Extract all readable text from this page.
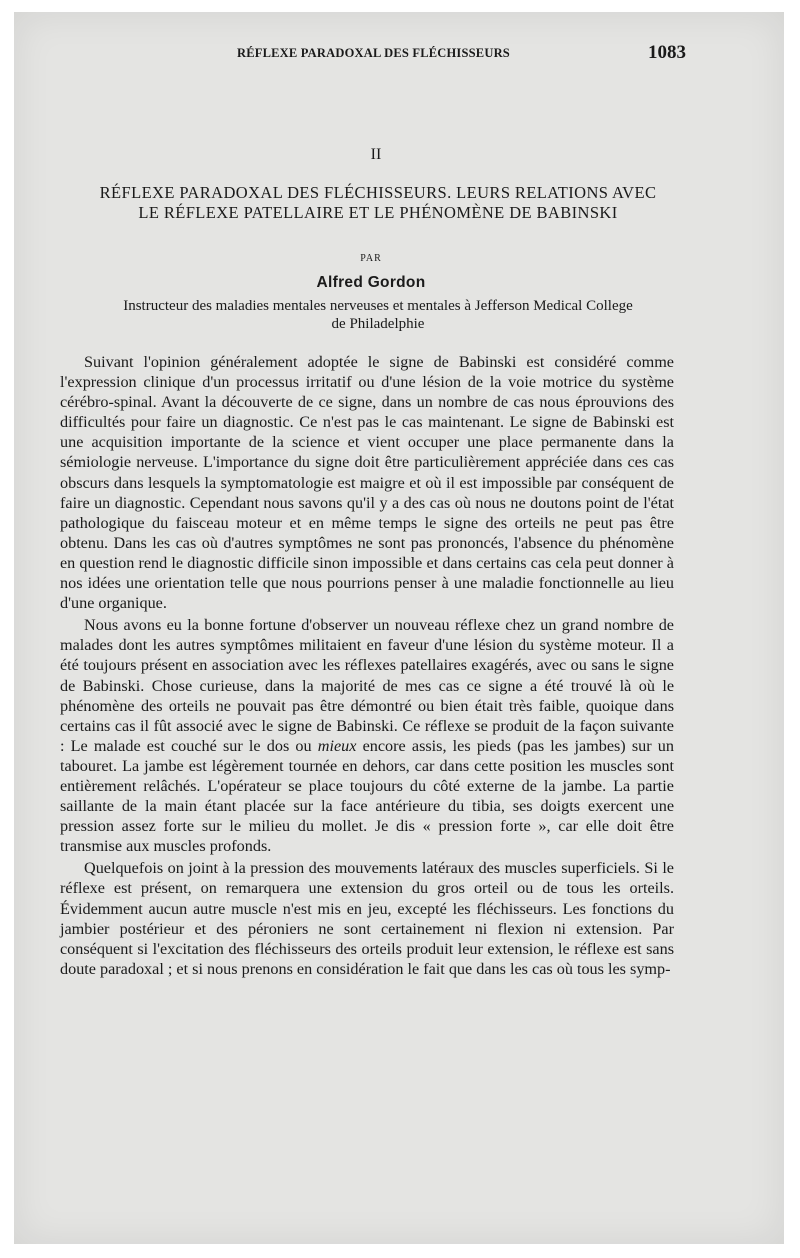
RÉFLEXE PARADOXAL DES FLÉCHISSEURS	1083
II
RÉFLEXE PARADOXAL DES FLÉCHISSEURS. LEURS RELATIONS AVEC
LE RÉFLEXE PATELLAIRE ET LE PHÉNOMÈNE DE BABINSKI
PAR
Alfred Gordon
Instructeur des maladies mentales nerveuses et mentales à Jefferson Medical College
de Philadelphie

Suivant l'opinion généralement adoptée le signe de Babinski est considéré comme l'expression clinique d'un processus irritatif ou d'une lésion de la voie motrice du système cérébro-spinal. Avant la découverte de ce signe, dans un nombre de cas nous éprouvions des difficultés pour faire un diagnostic. Ce n'est pas le cas maintenant. Le signe de Babinski est une acquisition importante de la science et vient occuper une place permanente dans la sémiologie nerveuse. L'importance du signe doit être particulièrement appréciée dans ces cas obscurs dans lesquels la symptomatologie est maigre et où il est impossible par conséquent de faire un diagnostic. Cependant nous savons qu'il y a des cas où nous ne doutons point de l'état pathologique du faisceau moteur et en même temps le signe des orteils ne peut pas être obtenu. Dans les cas où d'autres symptômes ne sont pas prononcés, l'absence du phénomène en question rend le diagnostic difficile sinon impossible et dans certains cas cela peut donner à nos idées une orientation telle que nous pourrions penser à une maladie fonctionnelle au lieu d'une organique.

Nous avons eu la bonne fortune d'observer un nouveau réflexe chez un grand nombre de malades dont les autres symptômes militaient en faveur d'une lésion du système moteur. Il a été toujours présent en association avec les réflexes patellaires exagérés, avec ou sans le signe de Babinski. Chose curieuse, dans la majorité de mes cas ce signe a été trouvé là où le phénomène des orteils ne pouvait pas être démontré ou bien était très faible, quoique dans certains cas il fût associé avec le signe de Babinski. Ce réflexe se produit de la façon suivante : Le malade est couché sur le dos ou mieux encore assis, les pieds (pas les jambes) sur un tabouret. La jambe est légèrement tournée en dehors, car dans cette position les muscles sont entièrement relâchés. L'opérateur se place toujours du côté externe de la jambe. La partie saillante de la main étant placée sur la face antérieure du tibia, ses doigts exercent une pression assez forte sur le milieu du mollet. Je dis « pression forte », car elle doit être transmise aux muscles profonds.

Quelquefois on joint à la pression des mouvements latéraux des muscles superficiels. Si le réflexe est présent, on remarquera une extension du gros orteil ou de tous les orteils. Évidemment aucun autre muscle n'est mis en jeu, excepté les fléchisseurs. Les fonctions du jambier postérieur et des péroniers ne sont certainement ni flexion ni extension. Par conséquent si l'excitation des fléchisseurs des orteils produit leur extension, le réflexe est sans doute paradoxal ; et si nous prenons en considération le fait que dans les cas où tous les symp-
